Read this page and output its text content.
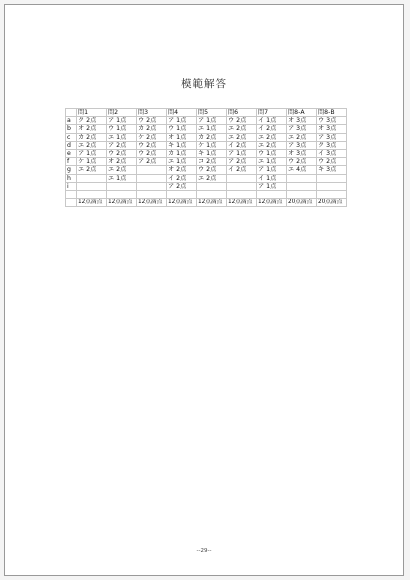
模範解答
	問1	問2	問3	問4	問5	問6	問7	問8-A	問8-B
a	ク 2点	ア 1点	ウ 2点	ア 1点	ア 1点	ウ 2点	イ 1点	オ 3点	ウ 3点
b	オ 2点	ウ 1点	カ 2点	ウ 1点	エ 1点	エ 2点	イ 2点	ア 3点	オ 3点
c	カ 2点	エ 1点	ケ 2点	オ 1点	カ 2点	エ 2点	エ 2点	エ 2点	ア 3点
d	エ 2点	ア 2点	ウ 2点	キ 1点	ケ 1点	イ 2点	エ 2点	ア 3点	ク 3点
e	ア 1点	ウ 2点	ウ 2点	カ 1点	キ 1点	ア 1点	ウ 1点	オ 3点	イ 3点
f	ケ 1点	オ 2点	ア 2点	エ 1点	コ 2点	ア 2点	エ 1点	ウ 2点	ウ 2点
g	エ 2点	エ 2点		オ 2点	ウ 2点	イ 2点	ア 1点	エ 4点	キ 3点
h		エ 1点		イ 2点	エ 2点		イ 1点		
i				ア 2点			ア 1点		

	12点満点	12点満点	12点満点	12点満点	12点満点	12点満点	12点満点	20点満点	20点満点
--29--
